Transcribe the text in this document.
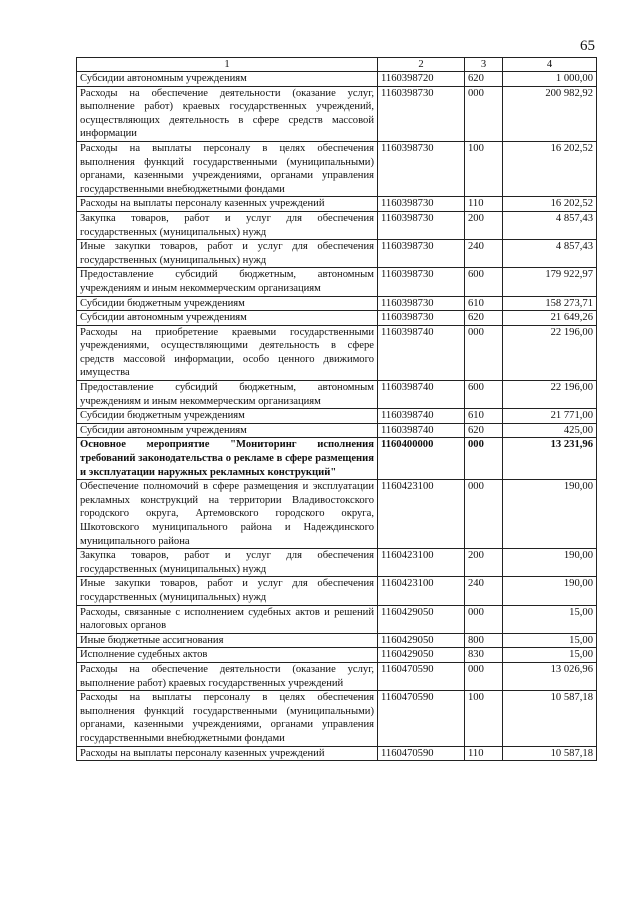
65
1	2	3	4
Субсидии автономным учреждениям	1160398720	620	1 000,00
Расходы на обеспечение деятельности (оказание услуг, выполнение работ) краевых государственных учреждений, осуществляющих деятельность в сфере средств массовой информации	1160398730	000	200 982,92
Расходы на выплаты персоналу в целях обеспечения выполнения функций государственными (муниципальными) органами, казенными учреждениями, органами управления государственными внебюджетными фондами	1160398730	100	16 202,52
Расходы на выплаты персоналу казенных учреждений	1160398730	110	16 202,52
Закупка товаров, работ и услуг для обеспечения государственных (муниципальных) нужд	1160398730	200	4 857,43
Иные закупки товаров, работ и услуг для обеспечения государственных (муниципальных) нужд	1160398730	240	4 857,43
Предоставление субсидий бюджетным, автономным учреждениям и иным некоммерческим организациям	1160398730	600	179 922,97
Субсидии бюджетным учреждениям	1160398730	610	158 273,71
Субсидии автономным учреждениям	1160398730	620	21 649,26
Расходы на приобретение краевыми государственными учреждениями, осуществляющими деятельность в сфере средств массовой информации, особо ценного движимого имущества	1160398740	000	22 196,00
Предоставление субсидий бюджетным, автономным учреждениям и иным некоммерческим организациям	1160398740	600	22 196,00
Субсидии бюджетным учреждениям	1160398740	610	21 771,00
Субсидии автономным учреждениям	1160398740	620	425,00
Основное мероприятие "Мониторинг исполнения требований законодательства о рекламе в сфере размещения и эксплуатации наружных рекламных конструкций"	1160400000	000	13 231,96
Обеспечение полномочий в сфере размещения и эксплуатации рекламных конструкций на территории Владивостокского городского округа, Артемовского городского округа, Шкотовского муниципального района и Надеждинского муниципального района	1160423100	000	190,00
Закупка товаров, работ и услуг для обеспечения государственных (муниципальных) нужд	1160423100	200	190,00
Иные закупки товаров, работ и услуг для обеспечения государственных (муниципальных) нужд	1160423100	240	190,00
Расходы, связанные с исполнением судебных актов и решений налоговых органов	1160429050	000	15,00
Иные бюджетные ассигнования	1160429050	800	15,00
Исполнение судебных актов	1160429050	830	15,00
Расходы на обеспечение деятельности (оказание услуг, выполнение работ) краевых государственных учреждений	1160470590	000	13 026,96
Расходы на выплаты персоналу в целях обеспечения выполнения функций государственными (муниципальными) органами, казенными учреждениями, органами управления государственными внебюджетными фондами	1160470590	100	10 587,18
Расходы на выплаты персоналу казенных учреждений	1160470590	110	10 587,18
